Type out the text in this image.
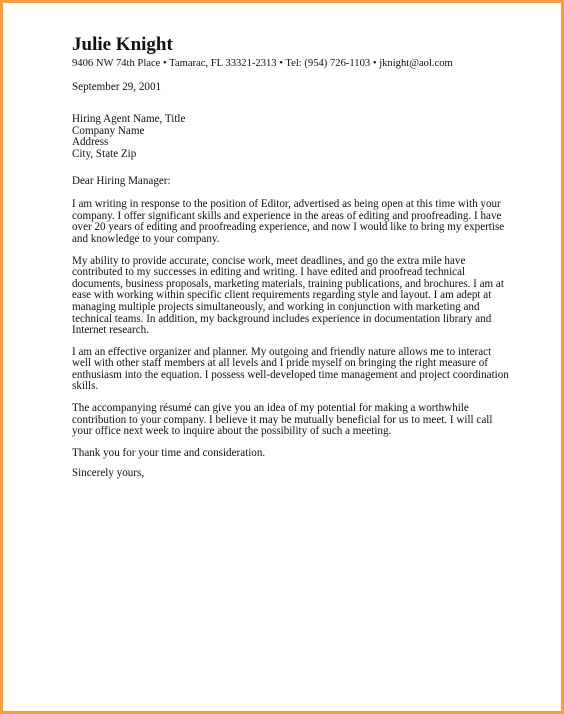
Julie Knight
9406 NW 74th Place • Tamarac, FL 33321-2313 • Tel: (954) 726-1103 • jknight@aol.com
September 29, 2001
Hiring Agent Name, Title
Company Name
Address
City, State Zip
Dear Hiring Manager:

I am writing in response to the position of Editor, advertised as being open at this time with your company. I offer significant skills and experience in the areas of editing and proofreading. I have over 20 years of editing and proofreading experience, and now I would like to bring my expertise and knowledge to your company.

My ability to provide accurate, concise work, meet deadlines, and go the extra mile have contributed to my successes in editing and writing. I have edited and proofread technical documents, business proposals, marketing materials, training publications, and brochures. I am at ease with working within specific client requirements regarding style and layout. I am adept at managing multiple projects simultaneously, and working in conjunction with marketing and technical teams. In addition, my background includes experience in documentation library and Internet research.

I am an effective organizer and planner. My outgoing and friendly nature allows me to interact well with other staff members at all levels and I pride myself on bringing the right measure of enthusiasm into the equation. I possess well-developed time management and project coordination skills.

The accompanying résumé can give you an idea of my potential for making a worthwhile contribution to your company. I believe it may be mutually beneficial for us to meet. I will call your office next week to inquire about the possibility of such a meeting.

Thank you for your time and consideration.
Sincerely yours,
